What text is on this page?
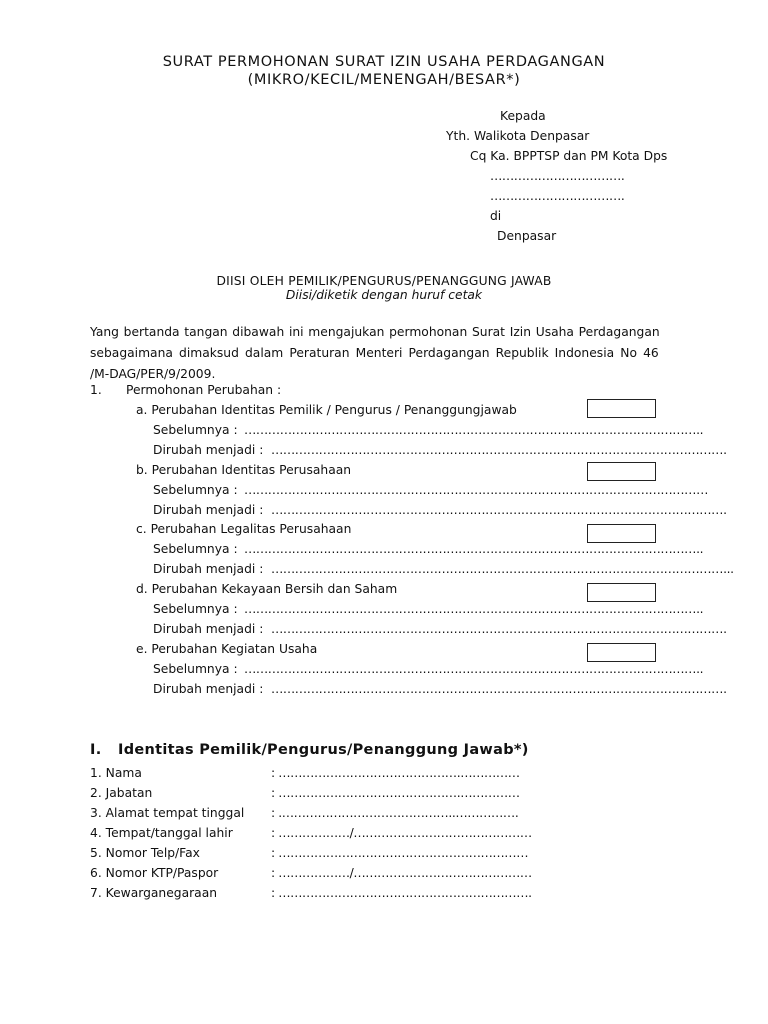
SURAT PERMOHONAN SURAT IZIN USAHA PERDAGANGAN
(MIKRO/KECIL/MENENGAH/BESAR*)
Kepada
Yth. Walikota Denpasar
Cq Ka. BPPTSP dan PM Kota Dps
…………………………….
…………………………….
di
Denpasar
DIISI OLEH PEMILIK/PENGURUS/PENANGGUNG JAWAB
Diisi/diketik dengan huruf cetak
Yang bertanda tangan dibawah ini mengajukan permohonan Surat Izin Usaha Perdagangan
sebagaimana dimaksud dalam Peraturan Menteri Perdagangan Republik Indonesia No 46
/M-DAG/PER/9/2009.
1. Permohonan Perubahan :
a. Perubahan Identitas Pemilik / Pengurus / Penanggungjawab
Sebelumnya : ……………………………………………………………………………………………………..
Dirubah menjadi : …………………………………………………………………………………………………….
b. Perubahan Identitas Perusahaan
Sebelumnya : ………………………………………………………………………………………………………
Dirubah menjadi : …………………………………………………………………………………………………….
c. Perubahan Legalitas Perusahaan
Sebelumnya : ……………………………………………………………………………………………………..
Dirubah menjadi : ……………………………………………………………………………………………………...
d. Perubahan Kekayaan Bersih dan Saham
Sebelumnya : ……………………………………………………………………………………………………..
Dirubah menjadi : …………………………………………………………………………………………………….
e. Perubahan Kegiatan Usaha
Sebelumnya : ……………………………………………………………………………………………………..
Dirubah menjadi : …………………………………………………………………………………………………….
I. Identitas Pemilik/Pengurus/Penanggung Jawab*)
1. Nama	: ……………………………………….……………
2. Jabatan	: ……………………………………….……………
3. Alamat tempat tinggal : .……………………………………..…………….
4. Tempat/tanggal lahir	: ………………/………………………………………
5. Nomor Telp/Fax	: ………………………………………………………
6. Nomor KTP/Paspor	: ………………/………………………………………
7. Kewarganegaraan	: ……………………………………………………….
